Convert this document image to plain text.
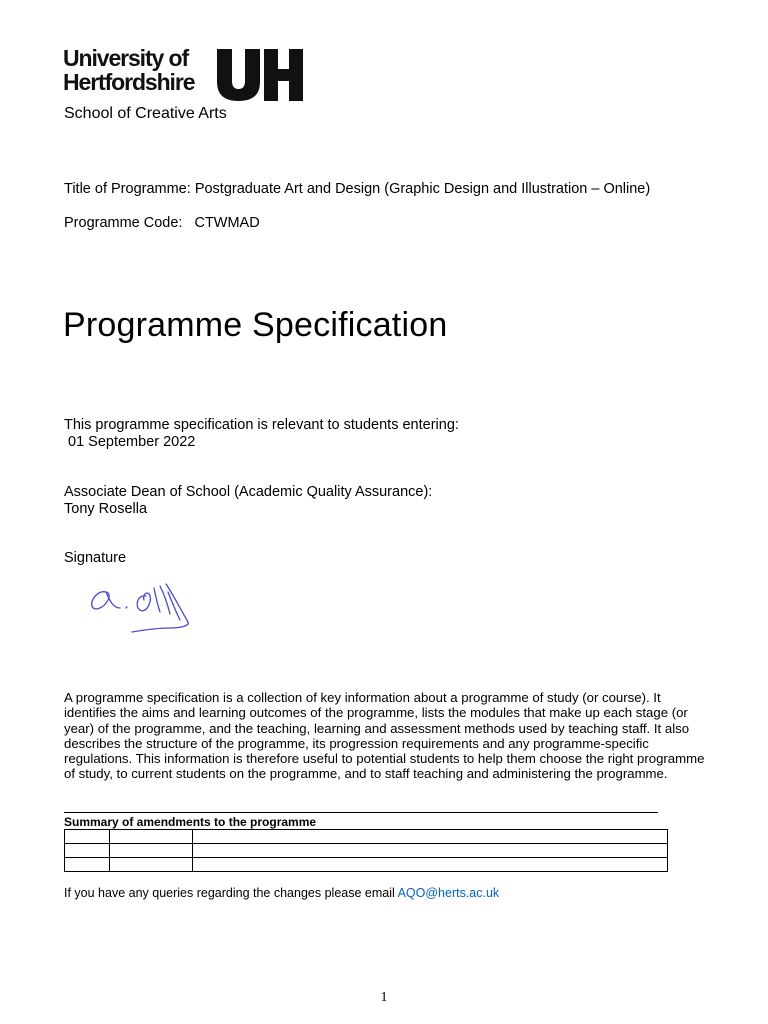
University of
Hertfordshire
School of Creative Arts
Title of Programme: Postgraduate Art and Design (Graphic Design and Illustration – Online)
Programme Code: CTWMAD
Programme Specification
This programme specification is relevant to students entering:
01 September 2022
Associate Dean of School (Academic Quality Assurance):
Tony Rosella
Signature
A programme specification is a collection of key information about a programme of study (or course). It identifies the aims and learning outcomes of the programme, lists the modules that make up each stage (or year) of the programme, and the teaching, learning and assessment methods used by teaching staff. It also describes the structure of the programme, its progression requirements and any programme-specific regulations. This information is therefore useful to potential students to help them choose the right programme of study, to current students on the programme, and to staff teaching and administering the programme.
Summary of amendments to the programme

If you have any queries regarding the changes please email AQO@herts.ac.uk
1
